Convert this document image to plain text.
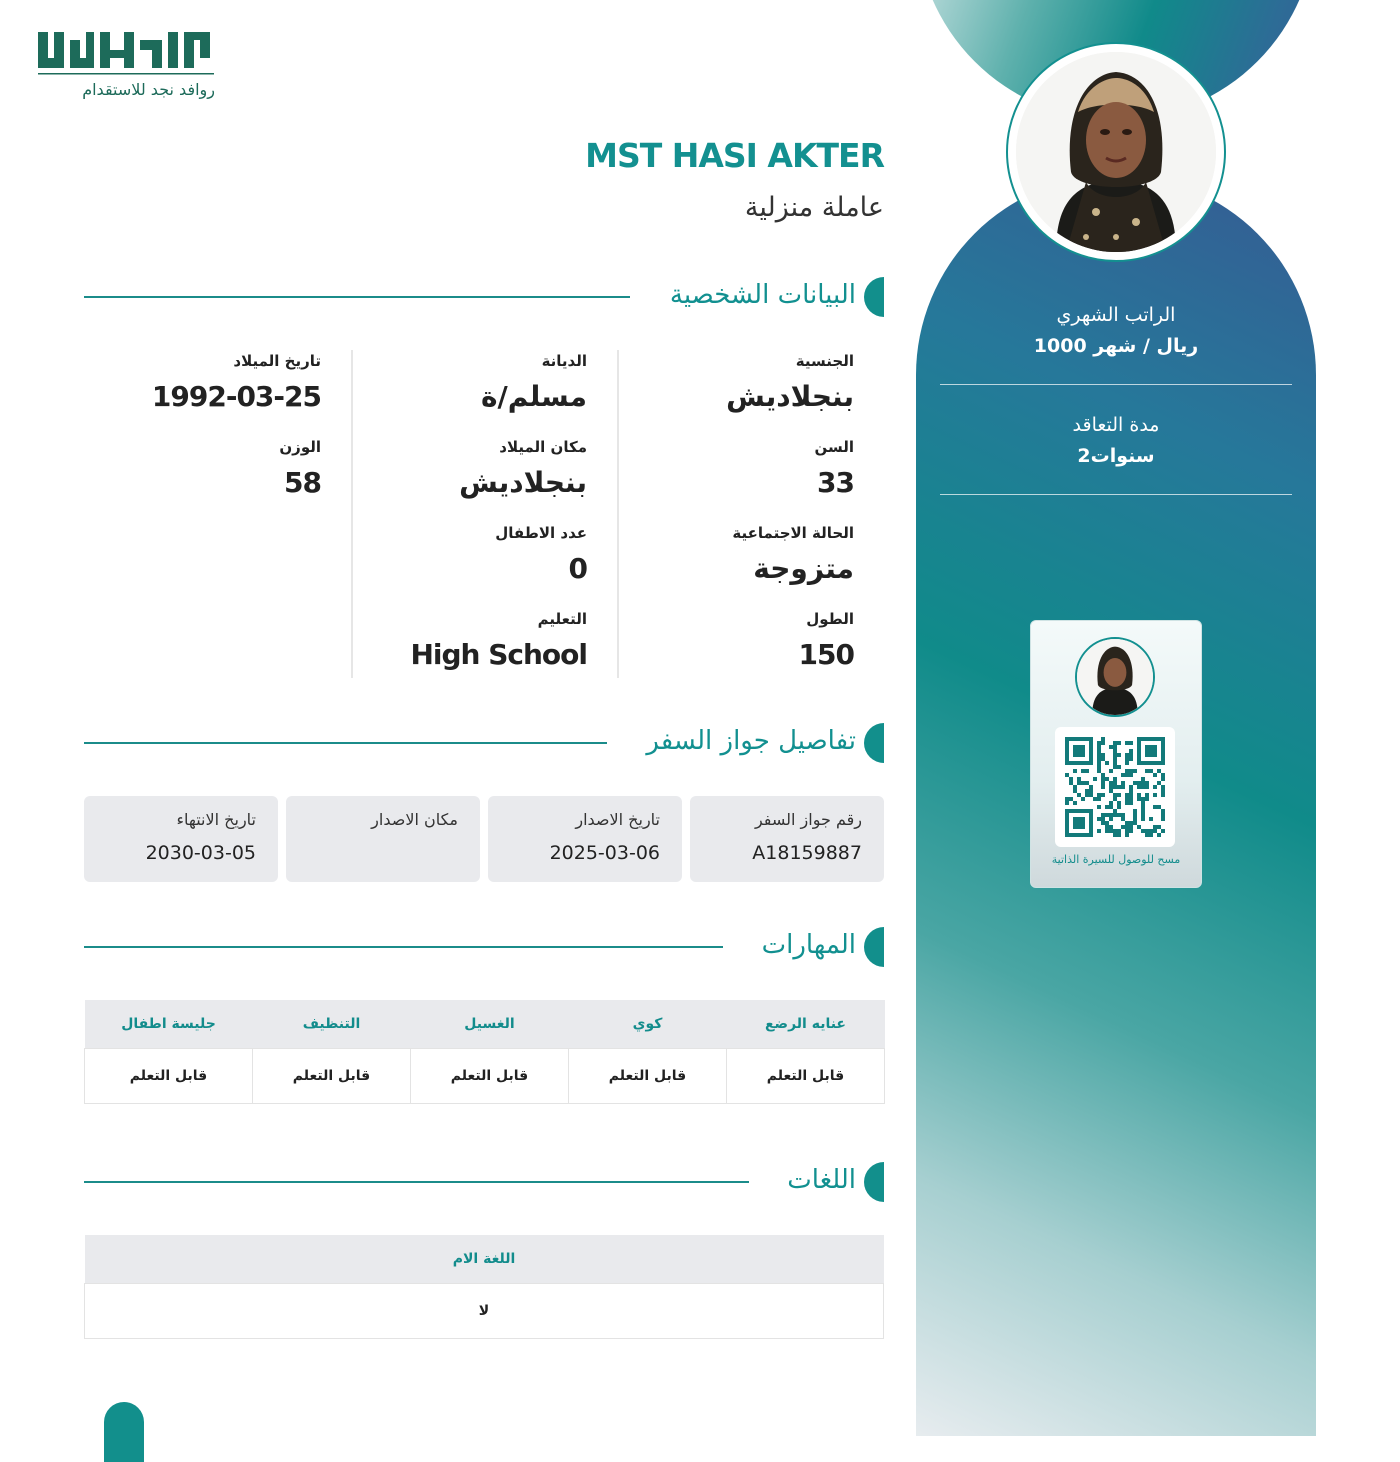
روافد نجد للاستقدام
MST HASI AKTER
عاملة منزلية
البيانات الشخصية
الجنسية
بنجلاديش
السن
33
الحالة الاجتماعية
متزوجة
الطول
150
الديانة
مسلم/ة
مكان الميلاد
بنجلاديش
عدد الاطفال
0
التعليم
High School
تاريخ الميلاد
1992-03-25
الوزن
58
تفاصيل جواز السفر
رقم جواز السفر
A18159887
تاريخ الاصدار
2025-03-06
مكان الاصدار
تاريخ الانتهاء
2030-03-05
المهارات
عنايه الرضع	كوي	الغسيل	التنظيف	جليسة اطفال
قابل التعلم	قابل التعلم	قابل التعلم	قابل التعلم	قابل التعلم
اللغات
اللغة الام
لا
الراتب الشهري
1000 ريال / شهر
مدة التعاقد
2سنوات
مسح للوصول للسيرة الذاتية
